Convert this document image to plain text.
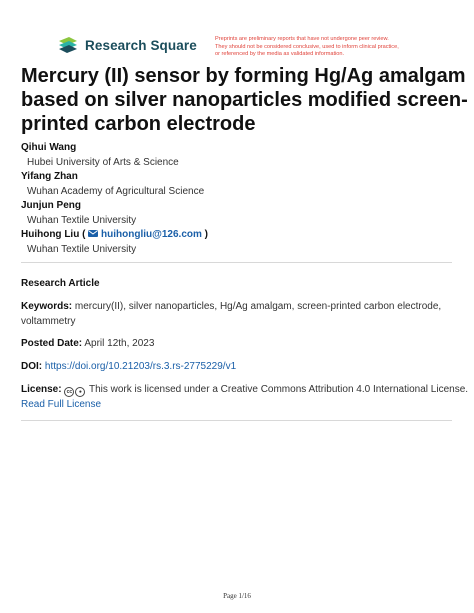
Research Square	Preprints are preliminary reports that have not undergone peer review.
They should not be considered conclusive, used to inform clinical practice,
or referenced by the media as validated information.
Mercury (II) sensor by forming Hg/Ag amalgam
based on silver nanoparticles modified screen-
printed carbon electrode
Qihui Wang
Hubei University of Arts & Science
Yifang Zhan
Wuhan Academy of Agricultural Science
Junjun Peng
Wuhan Textile University
Huihong Liu ( huihongliu@126.com )
Wuhan Textile University
Research Article
Keywords: mercury(II), silver nanoparticles, Hg/Ag amalgam, screen-printed carbon electrode,
voltammetry
Posted Date: April 12th, 2023
DOI: https://doi.org/10.21203/rs.3.rs-2775229/v1
License: cc ● This work is licensed under a Creative Commons Attribution 4.0 International License.
Read Full License
Page 1/16
